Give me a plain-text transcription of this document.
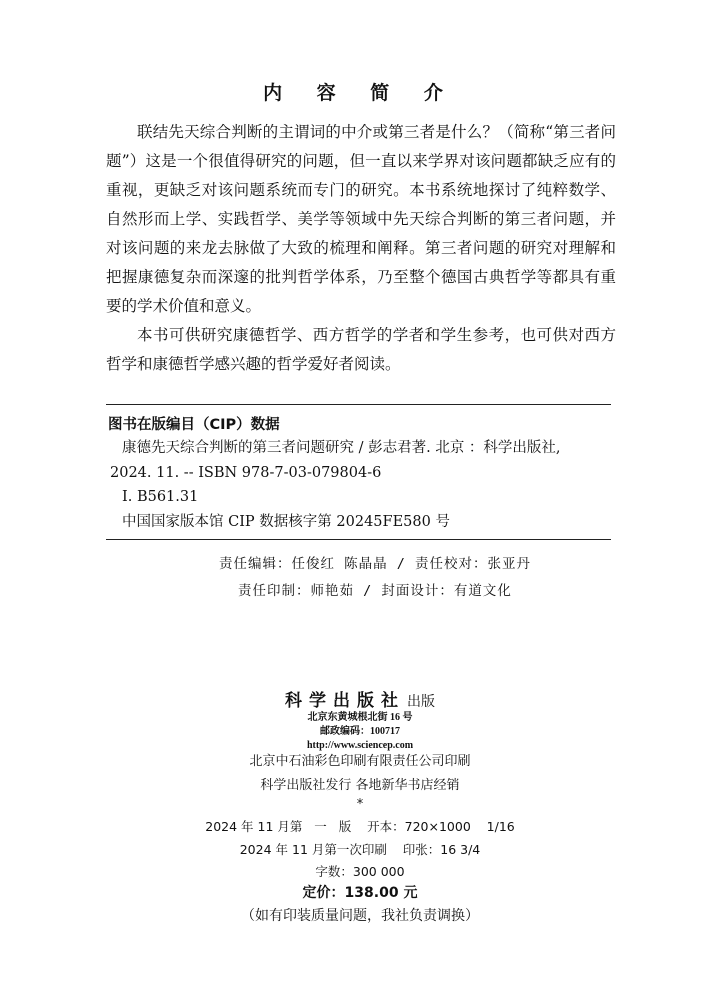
内 容 简 介

联结先天综合判断的主谓词的中介或第三者是什么？（简称“第三者问题”）这是一个很值得研究的问题，但一直以来学界对该问题都缺乏应有的重视，更缺乏对该问题系统而专门的研究。本书系统地探讨了纯粹数学、自然形而上学、实践哲学、美学等领域中先天综合判断的第三者问题，并对该问题的来龙去脉做了大致的梳理和阐释。第三者问题的研究对理解和把握康德复杂而深邃的批判哲学体系，乃至整个德国古典哲学等都具有重要的学术价值和意义。

本书可供研究康德哲学、西方哲学的学者和学生参考，也可供对西方哲学和康德哲学感兴趣的哲学爱好者阅读。

图书在版编目（CIP）数据
康德先天综合判断的第三者问题研究 / 彭志君著. 北京 ：科学出版社,
2024. 11. -- ISBN 978-7-03-079804-6
Ⅰ. B561.31
中国国家版本馆 CIP 数据核字第 20245FE580 号
责任编辑：任俊红 陈晶晶 / 责任校对：张亚丹
责任印制：师艳茹 / 封面设计：有道文化
科学出版社 出版
北京东黄城根北街 16 号
邮政编码：100717
http://www.sciencep.com
北京中石油彩色印刷有限责任公司印刷
科学出版社发行 各地新华书店经销
*
2024 年 11 月第   一   版    开本：720×1000    1/16
2024 年 11 月第一次印刷    印张：16 3/4
字数：300 000
定价：138.00 元
（如有印装质量问题，我社负责调换）
